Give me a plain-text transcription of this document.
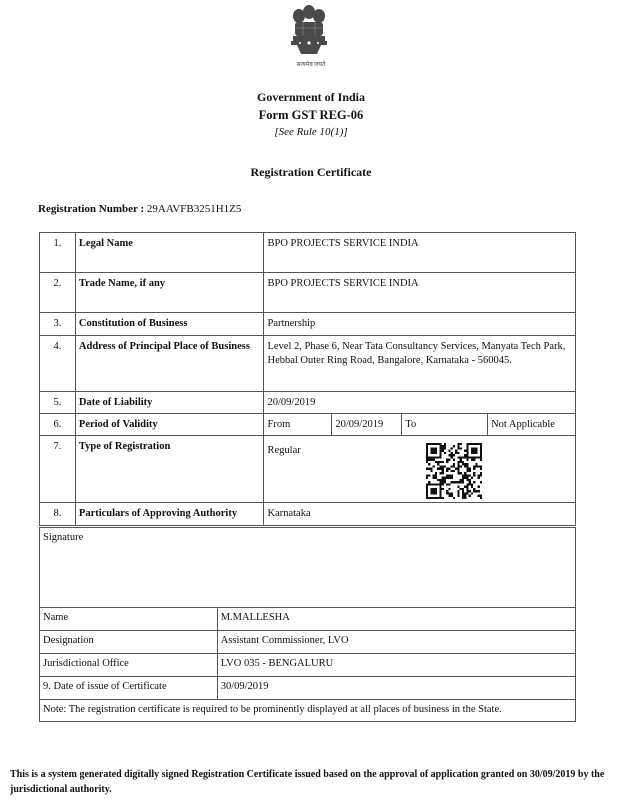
सत्यमेव जयते
Government of India
Form GST REG-06
[See Rule 10(1)]
Registration Certificate
Registration Number : 29AAVFB3251H1Z5
1.	Legal Name	BPO PROJECTS SERVICE INDIA			
2.	Trade Name, if any	BPO PROJECTS SERVICE INDIA			
3.	Constitution of Business	Partnership			
4.	Address of Principal Place of Business	Level 2, Phase 6, Near Tata Consultancy Services, Manyata Tech Park, Hebbal Outer Ring Road, Bangalore, Karnataka - 560045.			
5.	Date of Liability	20/09/2019			
6.	Period of Validity	From	20/09/2019	To	Not Applicable
7.	Type of Registration	Regular			
8.	Particulars of Approving Authority	Karnataka			
Signature	
Name	M.MALLESHA
Designation	Assistant Commissioner, LVO
Jurisdictional Office	LVO 035 - BENGALURU
9. Date of issue of Certificate	30/09/2019
Note: The registration certificate is required to be prominently displayed at all places of business in the State.	
This is a system generated digitally signed Registration Certificate issued based on the approval of application granted on 30/09/2019 by the jurisdictional authority.
